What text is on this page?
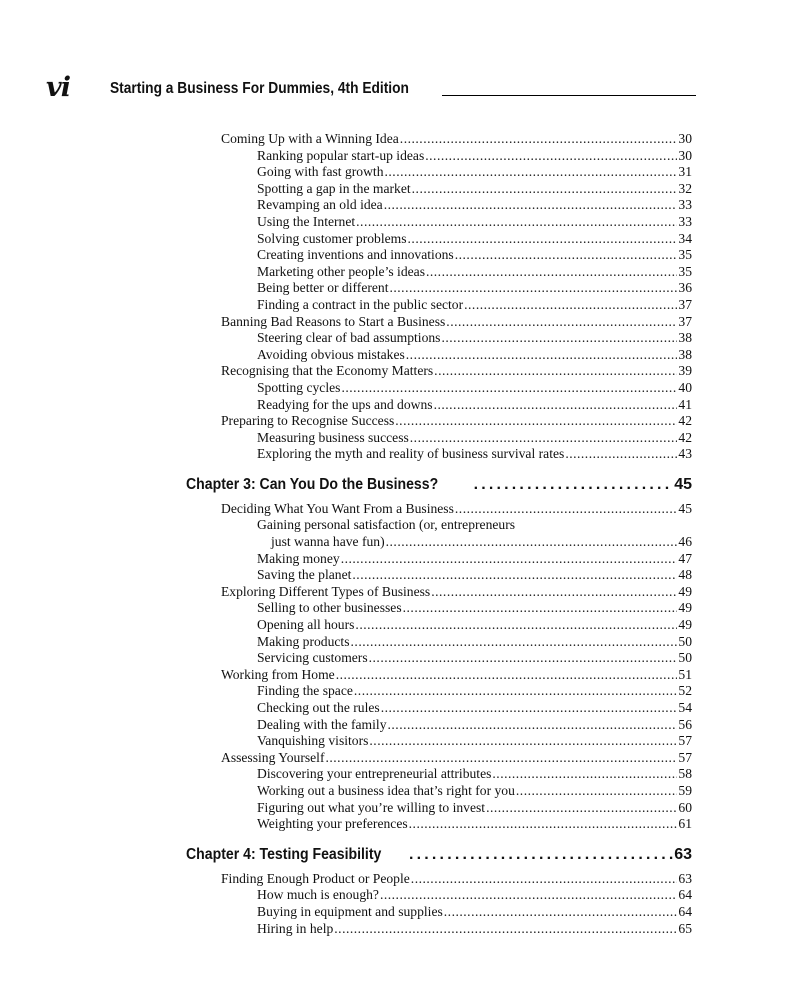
vi	Starting a Business For Dummies, 4th Edition
Coming Up with a Winning Idea .....	30
Ranking popular start-up ideas .....	30
Going with fast growth .....	31
Spotting a gap in the market .....	32
Revamping an old idea .....	33
Using the Internet .....	33
Solving customer problems .....	34
Creating inventions and innovations .....	35
Marketing other people’s ideas .....	35
Being better or different .....	36
Finding a contract in the public sector .....	37
Banning Bad Reasons to Start a Business .....	37
Steering clear of bad assumptions .....	38
Avoiding obvious mistakes .....	38
Recognising that the Economy Matters .....	39
Spotting cycles .....	40
Readying for the ups and downs .....	41
Preparing to Recognise Success .....	42
Measuring business success .....	42
Exploring the myth and reality of business survival rates .....	43
Chapter 3: Can You Do the Business? .....	45
Deciding What You Want From a Business .....	45
Gaining personal satisfaction (or, entrepreneurs
just wanna have fun) .....	46
Making money .....	47
Saving the planet .....	48
Exploring Different Types of Business .....	49
Selling to other businesses .....	49
Opening all hours .....	49
Making products .....	50
Servicing customers .....	50
Working from Home .....	51
Finding the space .....	52
Checking out the rules .....	54
Dealing with the family .....	56
Vanquishing visitors .....	57
Assessing Yourself .....	57
Discovering your entrepreneurial attributes .....	58
Working out a business idea that’s right for you .....	59
Figuring out what you’re willing to invest .....	60
Weighting your preferences .....	61
Chapter 4: Testing Feasibility .....	63
Finding Enough Product or People .....	63
How much is enough? .....	64
Buying in equipment and supplies .....	64
Hiring in help .....	65
